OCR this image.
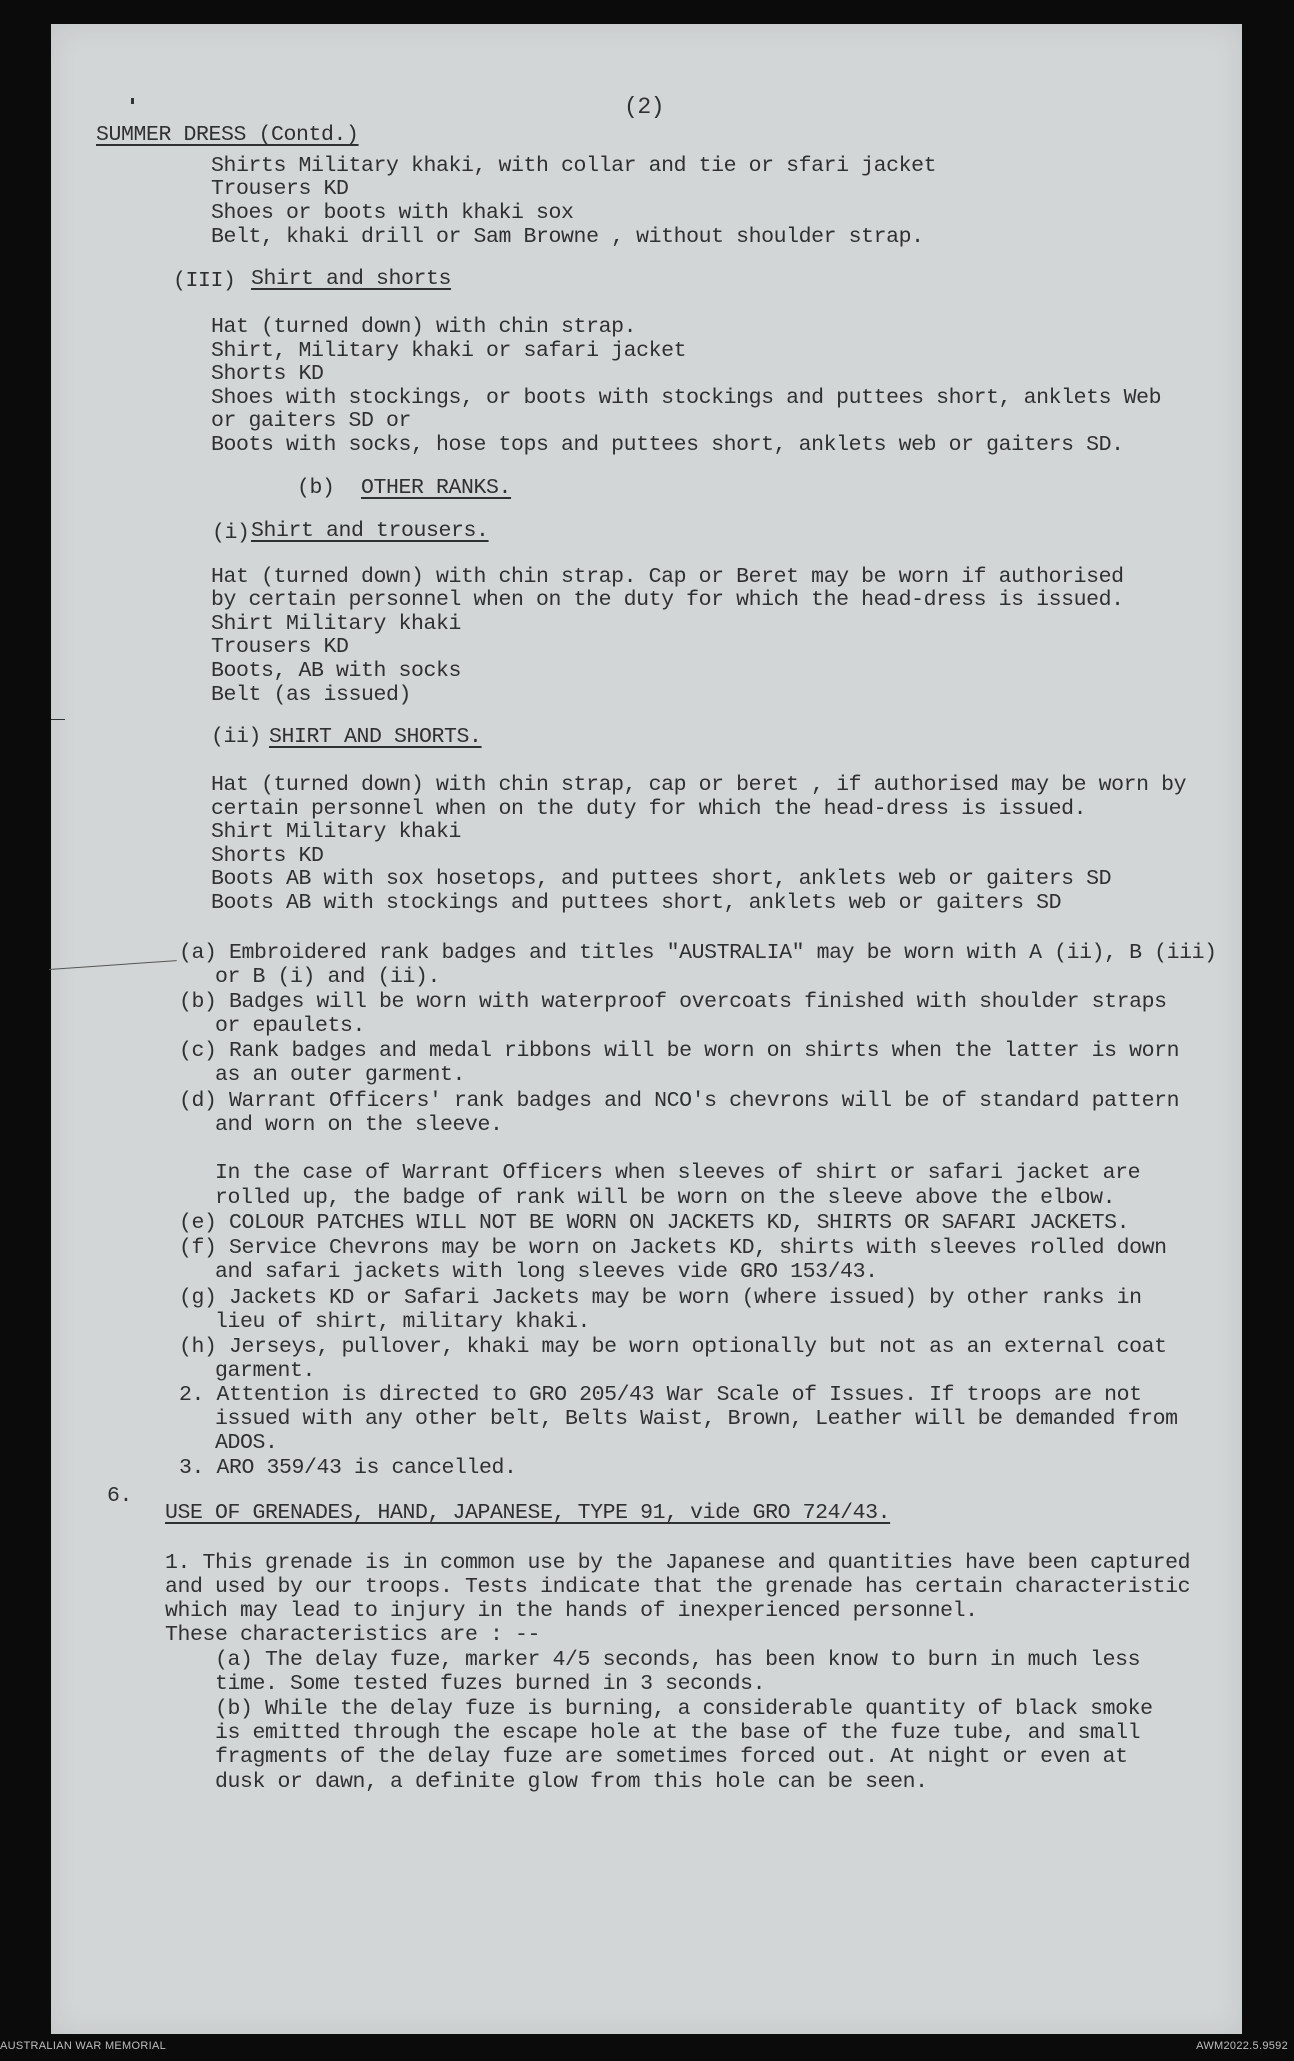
(2)
SUMMER DRESS (Contd.)
Shirts Military khaki, with collar and tie or sfari jacket
Trousers KD
Shoes or boots with khaki sox
Belt, khaki drill or Sam Browne , without shoulder strap.
(III) Shirt and shorts
Hat (turned down) with chin strap.
Shirt, Military khaki or safari jacket
Shorts KD
Shoes with stockings, or boots with stockings and puttees short, anklets Web
or gaiters SD or
Boots with socks, hose tops and puttees short, anklets web or gaiters SD.
(b) OTHER RANKS.
(i) Shirt and trousers.
Hat (turned down) with chin strap. Cap or Beret may be worn if authorised
by certain personnel when on the duty for which the head-dress is issued.
Shirt Military khaki
Trousers KD
Boots, AB with socks
Belt (as issued)
(ii) SHIRT AND SHORTS.
Hat (turned down) with chin strap, cap or beret , if authorised may be worn by
certain personnel when on the duty for which the head-dress is issued.
Shirt Military khaki
Shorts KD
Boots AB with sox hosetops, and puttees short, anklets web or gaiters SD
Boots AB with stockings and puttees short, anklets web or gaiters SD
(a) Embroidered rank badges and titles "AUSTRALIA" may be worn with A (ii), B (iii)
or B (i) and (ii).
(b) Badges will be worn with waterproof overcoats finished with shoulder straps
or epaulets.
(c) Rank badges and medal ribbons will be worn on shirts when the latter is worn
as an outer garment.
(d) Warrant Officers' rank badges and NCO's chevrons will be of standard pattern
and worn on the sleeve.
In the case of Warrant Officers when sleeves of shirt or safari jacket are
rolled up, the badge of rank will be worn on the sleeve above the elbow.
(e) COLOUR PATCHES WILL NOT BE WORN ON JACKETS KD, SHIRTS OR SAFARI JACKETS.
(f) Service Chevrons may be worn on Jackets KD, shirts with sleeves rolled down
and safari jackets with long sleeves vide GRO 153/43.
(g) Jackets KD or Safari Jackets may be worn (where issued) by other ranks in
lieu of shirt, military khaki.
(h) Jerseys, pullover, khaki may be worn optionally but not as an external coat
garment.
2. Attention is directed to GRO 205/43 War Scale of Issues. If troops are not
issued with any other belt, Belts Waist, Brown, Leather will be demanded from
ADOS.
3. ARO 359/43 is cancelled.
6.
USE OF GRENADES, HAND, JAPANESE, TYPE 91, vide GRO 724/43.
1. This grenade is in common use by the Japanese and quantities have been captured
and used by our troops. Tests indicate that the grenade has certain characteristic
which may lead to injury in the hands of inexperienced personnel.
These characteristics are : --
(a) The delay fuze, marker 4/5 seconds, has been know to burn in much less
time. Some tested fuzes burned in 3 seconds.
(b) While the delay fuze is burning, a considerable quantity of black smoke
is emitted through the escape hole at the base of the fuze tube, and small
fragments of the delay fuze are sometimes forced out. At night or even at
dusk or dawn, a definite glow from this hole can be seen.
AUSTRALIAN WAR MEMORIAL	AWM2022.5.9592
